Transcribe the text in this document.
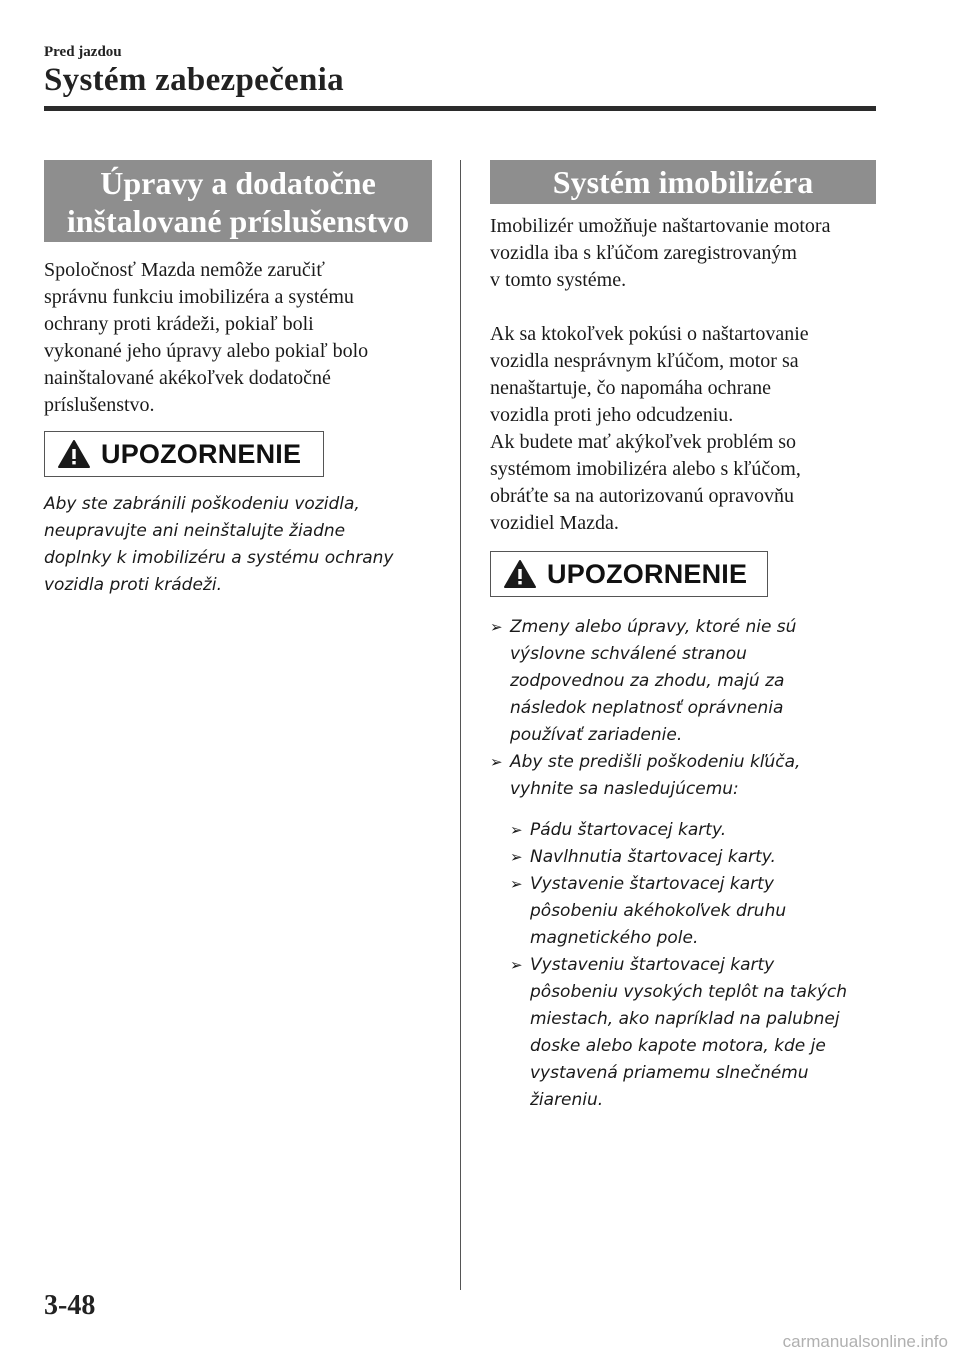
Pred jazdou
Systém zabezpečenia
Úpravy a dodatočne
inštalované príslušenstvo

Spoločnosť Mazda nemôže zaručiť

správnu funkciu imobilizéra a systému

ochrany proti krádeži, pokiaľ boli

vykonané jeho úpravy alebo pokiaľ bolo

nainštalované akékoľvek dodatočné

príslušenstvo.

UPOZORNENIE
Aby ste zabránili poškodeniu vozidla,
neupravujte ani neinštalujte žiadne
doplnky k imobilizéru a systému ochrany
vozidla proti krádeži.
Systém imobilizéra

Imobilizér umožňuje naštartovanie motora

vozidla iba s kľúčom zaregistrovaným

v tomto systéme.

Ak sa ktokoľvek pokúsi o naštartovanie

vozidla nesprávnym kľúčom, motor sa

nenaštartuje, čo napomáha ochrane

vozidla proti jeho odcudzeniu.

Ak budete mať akýkoľvek problém so

systémom imobilizéra alebo s kľúčom,

obráťte sa na autorizovanú opravovňu

vozidiel Mazda.

UPOZORNENIE
➢ Zmeny alebo úpravy, ktoré nie sú
výslovne schválené stranou
zodpovednou za zhodu, majú za
následok neplatnosť oprávnenia
používať zariadenie.
➢ Aby ste predišli poškodeniu kľúča,
vyhnite sa nasledujúcemu:
➢ Pádu štartovacej karty.
➢ Navlhnutia štartovacej karty.
➢ Vystavenie štartovacej karty
pôsobeniu akéhokoľvek druhu
magnetického pole.
➢ Vystaveniu štartovacej karty
pôsobeniu vysokých teplôt na takých
miestach, ako napríklad na palubnej
doske alebo kapote motora, kde je
vystavená priamemu slnečnému
žiareniu.
3-48
carmanualsonline.info
